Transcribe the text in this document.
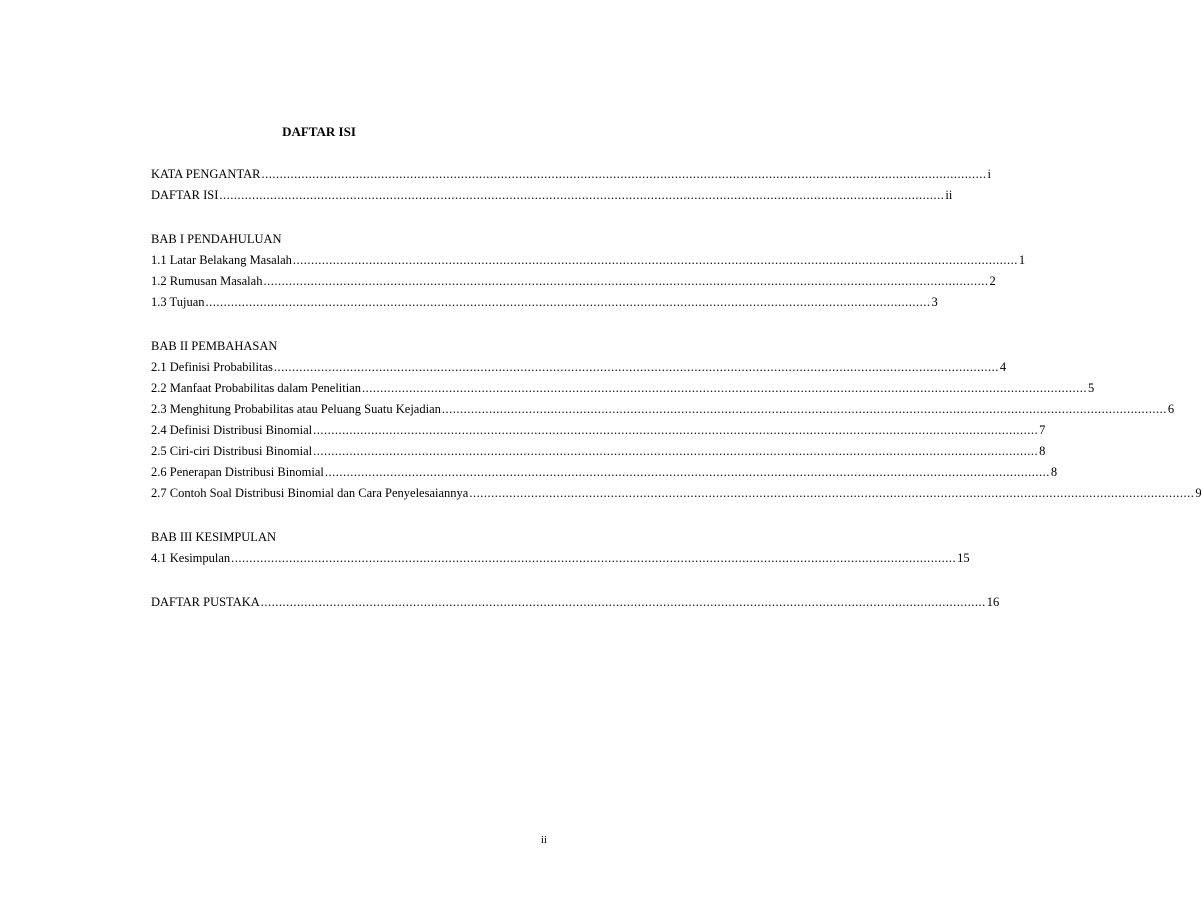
DAFTAR ISI
KATA PENGANTAR ........................................................................................................................................................................................................ i
DAFTAR ISI ........................................................................................................................................................................................................ ii
BAB I PENDAHULUAN
1.1 Latar Belakang Masalah ........................................................................................................................................................................................................ 1
1.2 Rumusan Masalah ........................................................................................................................................................................................................ 2
1.3 Tujuan ........................................................................................................................................................................................................ 3
BAB II PEMBAHASAN
2.1 Definisi Probabilitas ........................................................................................................................................................................................................ 4
2.2 Manfaat Probabilitas dalam Penelitian ........................................................................................................................................................................................................ 5
2.3 Menghitung Probabilitas atau Peluang Suatu Kejadian ........................................................................................................................................................................................................ 6
2.4 Definisi Distribusi Binomial ........................................................................................................................................................................................................ 7
2.5 Ciri-ciri Distribusi Binomial ........................................................................................................................................................................................................ 8
2.6 Penerapan Distribusi Binomial ........................................................................................................................................................................................................ 8
2.7 Contoh Soal Distribusi Binomial dan Cara Penyelesaiannya ........................................................................................................................................................................................................ 9
BAB III KESIMPULAN
4.1 Kesimpulan ........................................................................................................................................................................................................ 15
DAFTAR PUSTAKA ........................................................................................................................................................................................................ 16
ii
